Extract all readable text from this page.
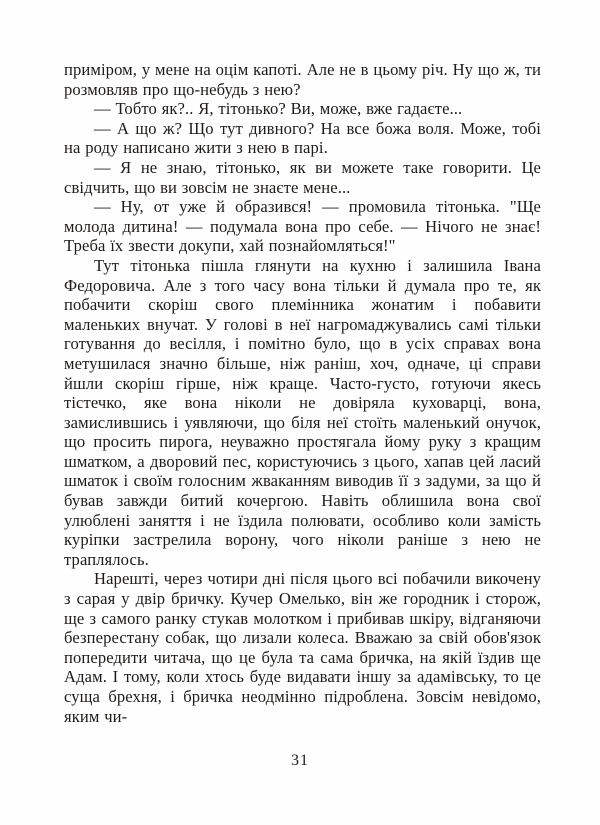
приміром, у мене на оцім капоті. Але не в цьому річ. Ну що ж, ти розмовляв про що-небудь з нею?

— Тобто як?.. Я, тітонько? Ви, може, вже гадаєте...

— А що ж? Що тут дивного? На все божа воля. Може, тобі на роду написано жити з нею в парі.

— Я не знаю, тітонько, як ви можете таке говорити. Це свідчить, що ви зовсім не знаєте мене...

— Ну, от уже й образився! — промовила тітонька. "Ще молода дитина! — подумала вона про себе. — Нічого не знає! Треба їх звести докупи, хай познайомляться!"

Тут тітонька пішла глянути на кухню і залишила Івана Федоровича. Але з того часу вона тільки й думала про те, як побачити скоріш свого племінника жонатим і побавити маленьких внучат. У голові в неї нагромаджувались самі тільки готування до весілля, і помітно було, що в усіх справах вона метушилася значно більше, ніж раніш, хоч, одначе, ці справи йшли скоріш гірше, ніж краще. Часто-густо, готуючи якесь тістечко, яке вона ніколи не довіряла куховарці, вона, замислившись і уявляючи, що біля неї стоїть маленький онучок, що просить пирога, неуважно простягала йому руку з кращим шматком, а дворовий пес, користуючись з цього, хапав цей ласий шматок і своїм голосним жваканням виводив її з задуми, за що й бував завжди битий кочергою. Навіть облишила вона свої улюблені заняття і не їздила полювати, особливо коли замість куріпки застрелила ворону, чого ніколи раніше з нею не траплялось.

Нарешті, через чотири дні після цього всі побачили викочену з сарая у двір бричку. Кучер Омелько, він же городник і сторож, ще з самого ранку стукав молотком і прибивав шкіру, відганяючи безперестану собак, що лизали колеса. Вважаю за свій обов'язок попередити читача, що це була та сама бричка, на якій їздив ще Адам. І тому, коли хтось буде видавати іншу за адамівську, то це суща брехня, і бричка неодмінно підроблена. Зовсім невідомо, яким чи-

31
